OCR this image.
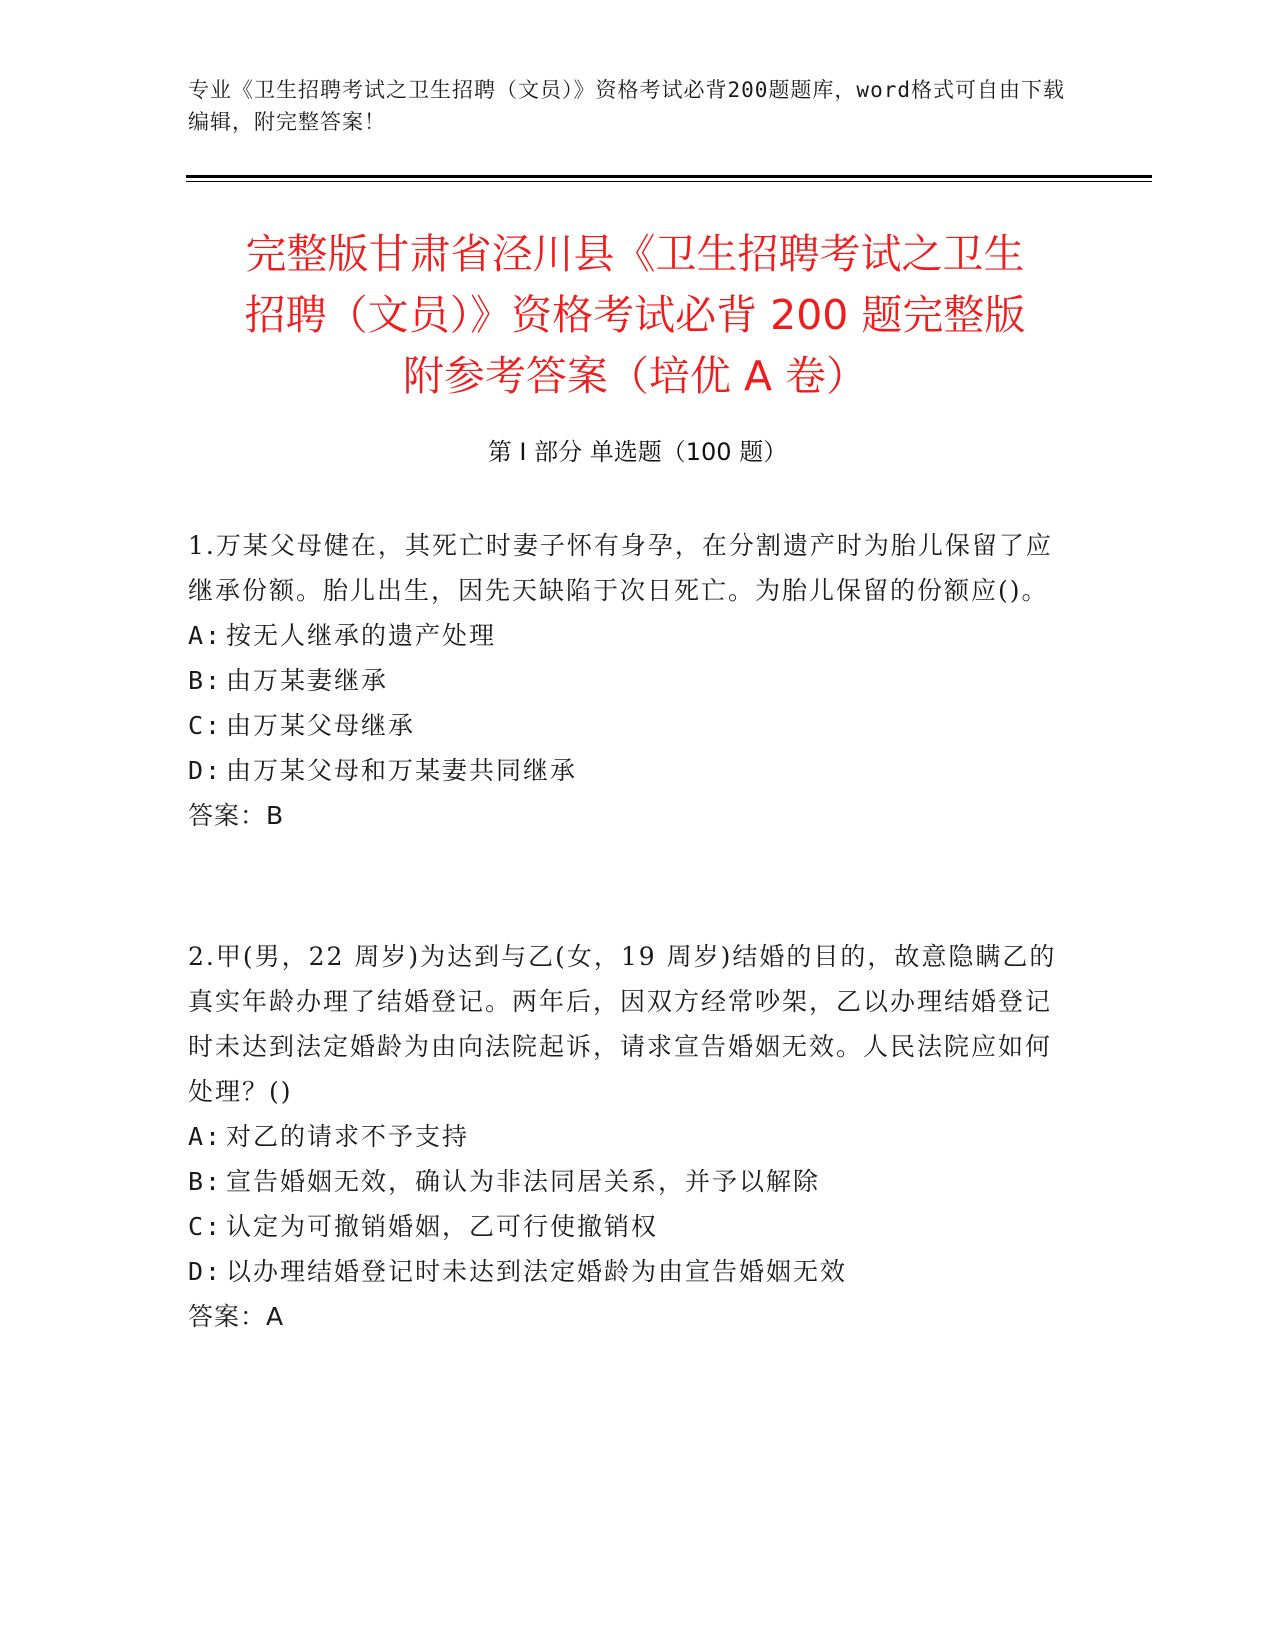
专业《卫生招聘考试之卫生招聘（文员）》资格考试必背200题题库，word格式可自由下载编辑，附完整答案！
完整版甘肃省泾川县《卫生招聘考试之卫生
招聘（文员）》资格考试必背 200 题完整版
附参考答案（培优 A 卷）
第 I 部分 单选题（100 题）
1.万某父母健在，其死亡时妻子怀有身孕，在分割遗产时为胎儿保留了应继承份额。胎儿出生，因先天缺陷于次日死亡。为胎儿保留的份额应()。
A: 按无人继承的遗产处理
B: 由万某妻继承
C: 由万某父母继承
D: 由万某父母和万某妻共同继承
答案：B
2.甲(男，22 周岁)为达到与乙(女，19 周岁)结婚的目的，故意隐瞒乙的真实年龄办理了结婚登记。两年后，因双方经常吵架，乙以办理结婚登记时未达到法定婚龄为由向法院起诉，请求宣告婚姻无效。人民法院应如何处理？()
A: 对乙的请求不予支持
B: 宣告婚姻无效，确认为非法同居关系，并予以解除
C: 认定为可撤销婚姻，乙可行使撤销权
D: 以办理结婚登记时未达到法定婚龄为由宣告婚姻无效
答案：A
